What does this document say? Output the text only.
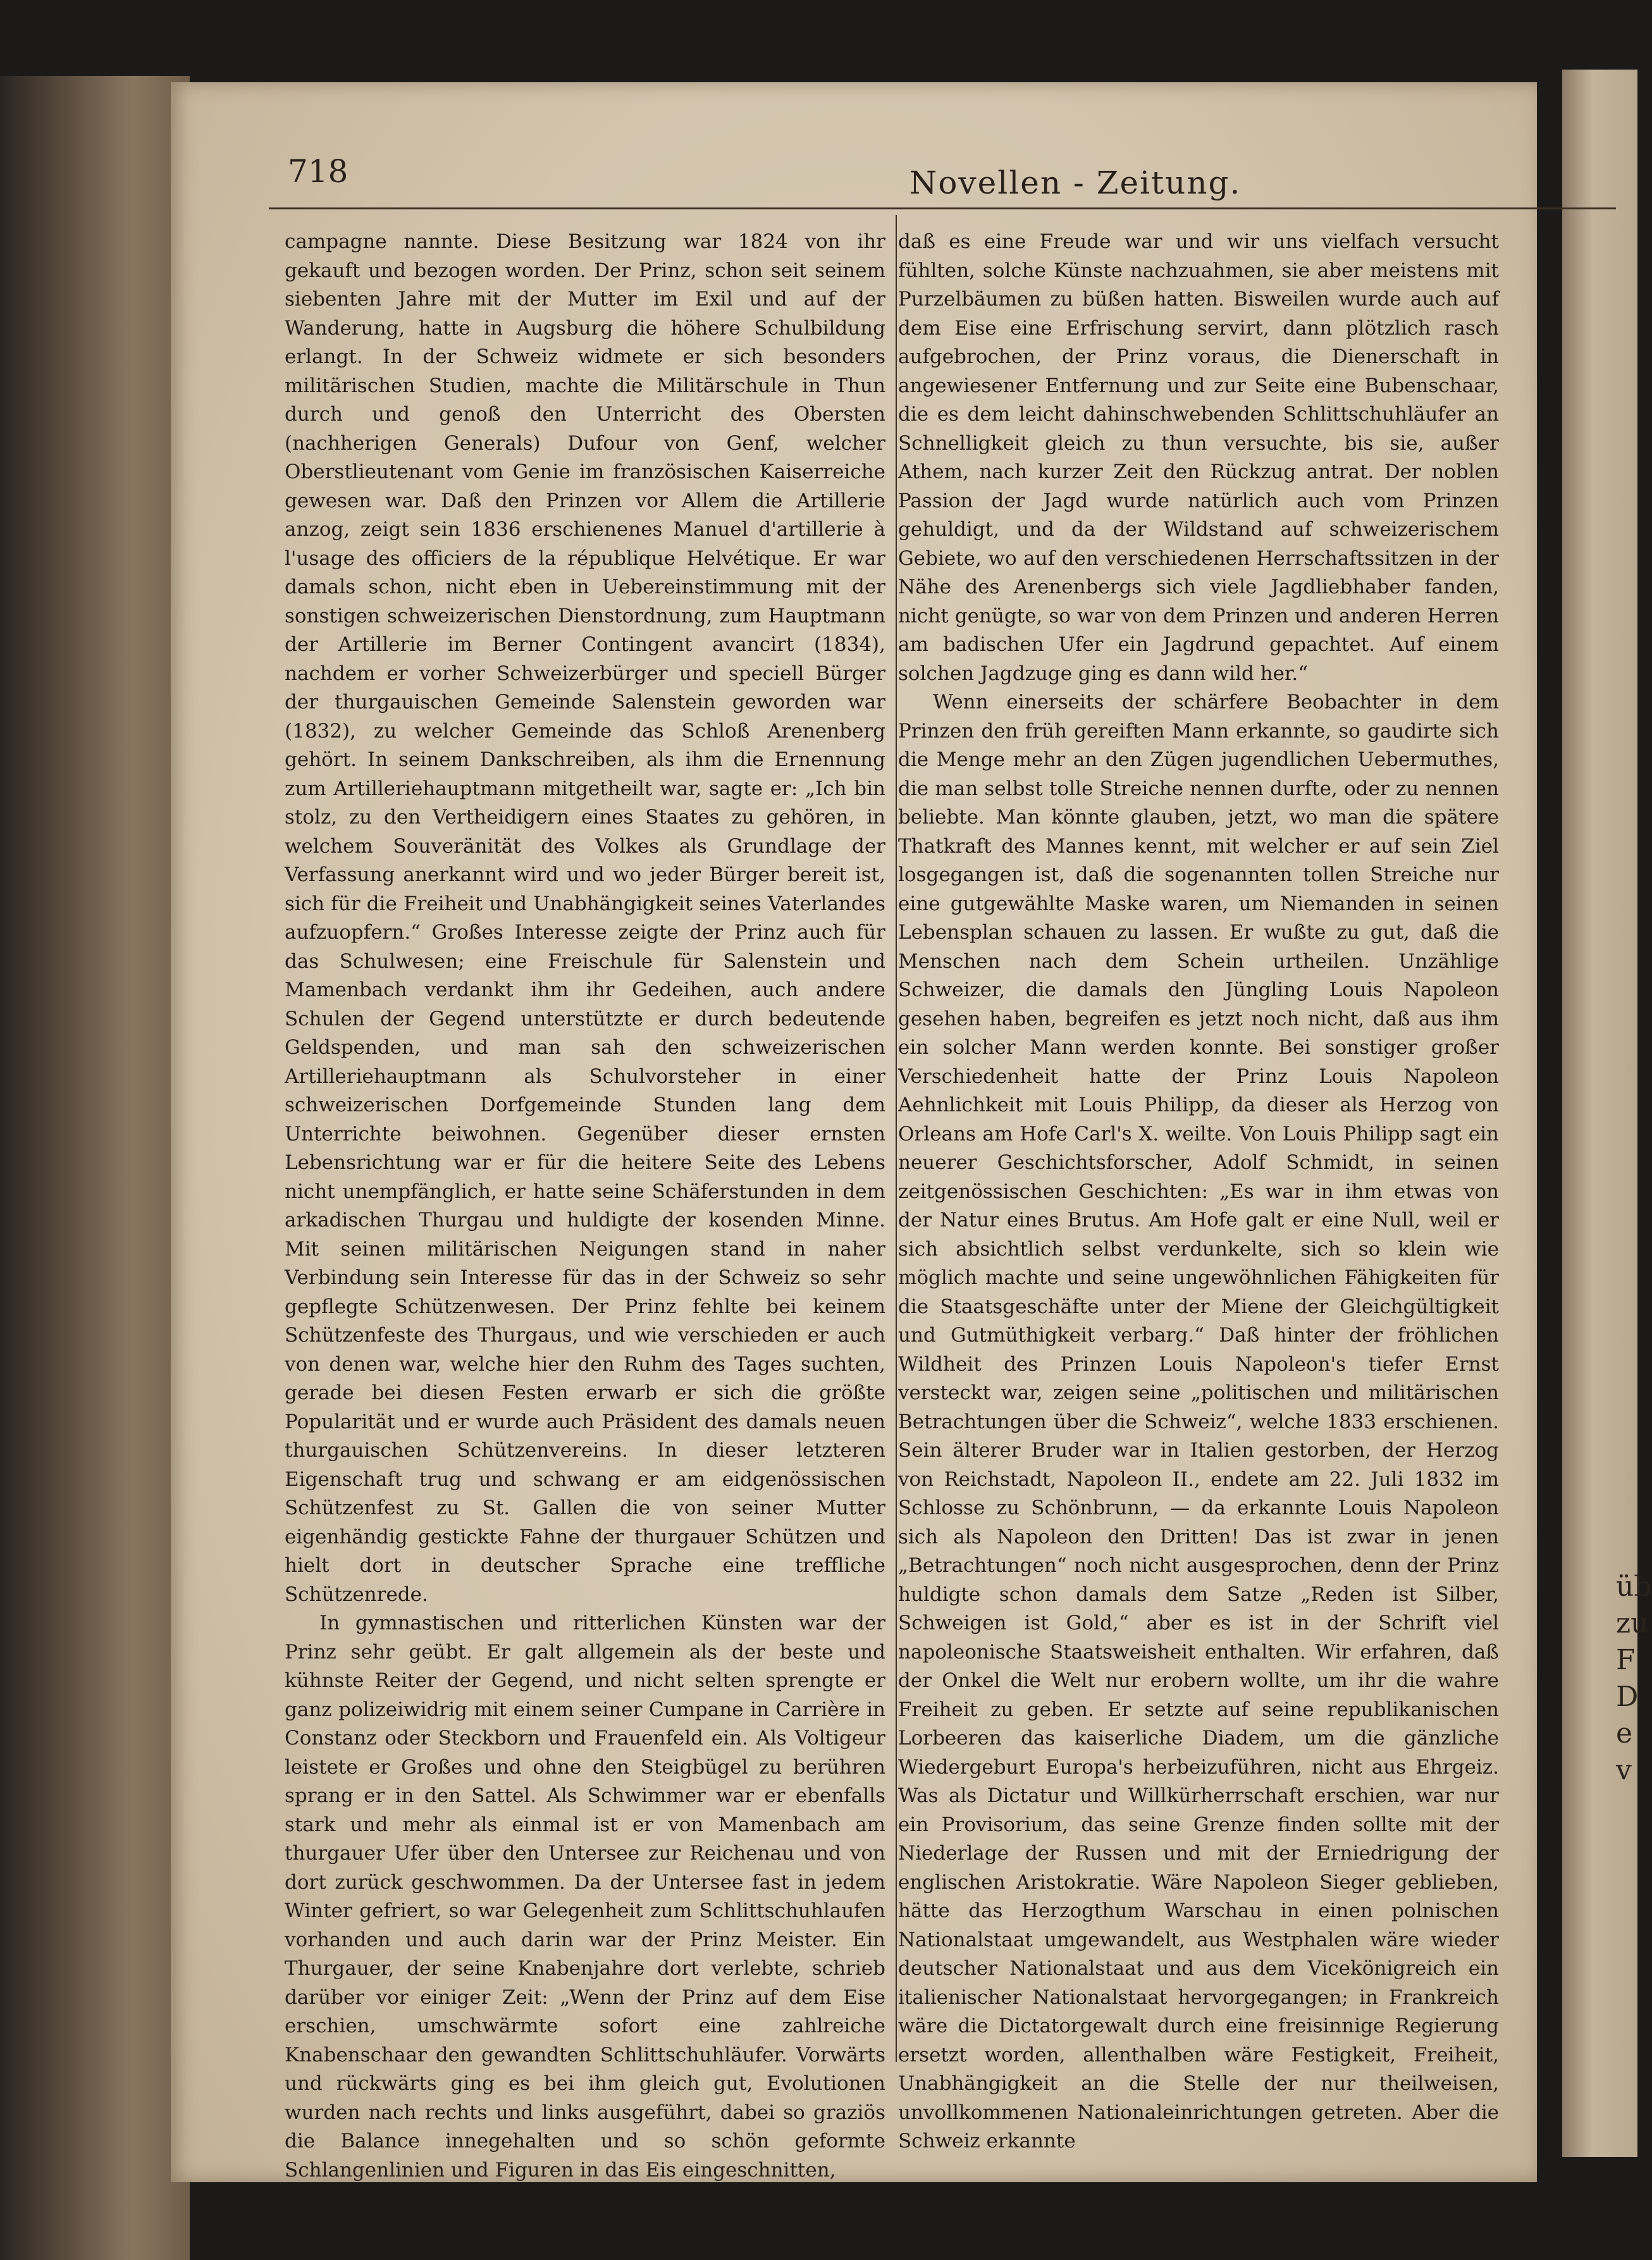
üb zu F D e v
718	Novellen - Zeitung.

campagne nannte. Diese Besitzung war 1824 von ihr gekauft und bezogen worden. Der Prinz, schon seit seinem siebenten Jahre mit der Mutter im Exil und auf der Wanderung, hatte in Augsburg die höhere Schulbildung erlangt. In der Schweiz widmete er sich besonders militärischen Studien, machte die Militärschule in Thun durch und genoß den Unterricht des Obersten (nachherigen Generals) Dufour von Genf, welcher Oberstlieutenant vom Genie im französischen Kaiserreiche gewesen war. Daß den Prinzen vor Allem die Artillerie anzog, zeigt sein 1836 erschienenes Manuel d'artillerie à l'usage des officiers de la république Helvétique. Er war damals schon, nicht eben in Uebereinstimmung mit der sonstigen schweizerischen Dienstordnung, zum Hauptmann der Artillerie im Berner Contingent avancirt (1834), nachdem er vorher Schweizerbürger und speciell Bürger der thurgauischen Gemeinde Salenstein geworden war (1832), zu welcher Gemeinde das Schloß Arenenberg gehört. In seinem Dankschreiben, als ihm die Ernennung zum Artilleriehauptmann mitgetheilt war, sagte er: „Ich bin stolz, zu den Vertheidigern eines Staates zu gehören, in welchem Souveränität des Volkes als Grundlage der Verfassung anerkannt wird und wo jeder Bürger bereit ist, sich für die Freiheit und Unabhängigkeit seines Vaterlandes aufzuopfern.“ Großes Interesse zeigte der Prinz auch für das Schulwesen; eine Freischule für Salenstein und Mamenbach verdankt ihm ihr Gedeihen, auch andere Schulen der Gegend unterstützte er durch bedeutende Geldspenden, und man sah den schweizerischen Artilleriehauptmann als Schulvorsteher in einer schweizerischen Dorfgemeinde Stunden lang dem Unterrichte beiwohnen. Gegenüber dieser ernsten Lebensrichtung war er für die heitere Seite des Lebens nicht unempfänglich, er hatte seine Schäferstunden in dem arkadischen Thurgau und huldigte der kosenden Minne. Mit seinen militärischen Neigungen stand in naher Verbindung sein Interesse für das in der Schweiz so sehr gepflegte Schützenwesen. Der Prinz fehlte bei keinem Schützenfeste des Thurgaus, und wie verschieden er auch von denen war, welche hier den Ruhm des Tages suchten, gerade bei diesen Festen erwarb er sich die größte Popularität und er wurde auch Präsident des damals neuen thurgauischen Schützenvereins. In dieser letzteren Eigenschaft trug und schwang er am eidgenössischen Schützenfest zu St. Gallen die von seiner Mutter eigenhändig gestickte Fahne der thurgauer Schützen und hielt dort in deutscher Sprache eine treffliche Schützenrede.

In gymnastischen und ritterlichen Künsten war der Prinz sehr geübt. Er galt allgemein als der beste und kühnste Reiter der Gegend, und nicht selten sprengte er ganz polizeiwidrig mit einem seiner Cumpane in Carrière in Constanz oder Steckborn und Frauenfeld ein. Als Voltigeur leistete er Großes und ohne den Steigbügel zu berühren sprang er in den Sattel. Als Schwimmer war er ebenfalls stark und mehr als einmal ist er von Mamenbach am thurgauer Ufer über den Untersee zur Reichenau und von dort zurück geschwommen. Da der Untersee fast in jedem Winter gefriert, so war Gelegenheit zum Schlittschuhlaufen vorhanden und auch darin war der Prinz Meister. Ein Thurgauer, der seine Knabenjahre dort verlebte, schrieb darüber vor einiger Zeit: „Wenn der Prinz auf dem Eise erschien, umschwärmte sofort eine zahlreiche Knabenschaar den gewandten Schlittschuhläufer. Vorwärts und rückwärts ging es bei ihm gleich gut, Evolutionen wurden nach rechts und links ausgeführt, dabei so graziös die Balance innegehalten und so schön geformte Schlangenlinien und Figuren in das Eis eingeschnitten,

daß es eine Freude war und wir uns vielfach versucht fühlten, solche Künste nachzuahmen, sie aber meistens mit Purzelbäumen zu büßen hatten. Bisweilen wurde auch auf dem Eise eine Erfrischung servirt, dann plötzlich rasch aufgebrochen, der Prinz voraus, die Dienerschaft in angewiesener Entfernung und zur Seite eine Bubenschaar, die es dem leicht dahinschwebenden Schlittschuhläufer an Schnelligkeit gleich zu thun versuchte, bis sie, außer Athem, nach kurzer Zeit den Rückzug antrat. Der noblen Passion der Jagd wurde natürlich auch vom Prinzen gehuldigt, und da der Wildstand auf schweizerischem Gebiete, wo auf den verschiedenen Herrschaftssitzen in der Nähe des Arenenbergs sich viele Jagdliebhaber fanden, nicht genügte, so war von dem Prinzen und anderen Herren am badischen Ufer ein Jagdrund gepachtet. Auf einem solchen Jagdzuge ging es dann wild her.“

Wenn einerseits der schärfere Beobachter in dem Prinzen den früh gereiften Mann erkannte, so gaudirte sich die Menge mehr an den Zügen jugendlichen Uebermuthes, die man selbst tolle Streiche nennen durfte, oder zu nennen beliebte. Man könnte glauben, jetzt, wo man die spätere Thatkraft des Mannes kennt, mit welcher er auf sein Ziel losgegangen ist, daß die sogenannten tollen Streiche nur eine gutgewählte Maske waren, um Niemanden in seinen Lebensplan schauen zu lassen. Er wußte zu gut, daß die Menschen nach dem Schein urtheilen. Unzählige Schweizer, die damals den Jüngling Louis Napoleon gesehen haben, begreifen es jetzt noch nicht, daß aus ihm ein solcher Mann werden konnte. Bei sonstiger großer Verschiedenheit hatte der Prinz Louis Napoleon Aehnlichkeit mit Louis Philipp, da dieser als Herzog von Orleans am Hofe Carl's X. weilte. Von Louis Philipp sagt ein neuerer Geschichtsforscher, Adolf Schmidt, in seinen zeitgenössischen Geschichten: „Es war in ihm etwas von der Natur eines Brutus. Am Hofe galt er eine Null, weil er sich absichtlich selbst verdunkelte, sich so klein wie möglich machte und seine ungewöhnlichen Fähigkeiten für die Staatsgeschäfte unter der Miene der Gleichgültigkeit und Gutmüthigkeit verbarg.“ Daß hinter der fröhlichen Wildheit des Prinzen Louis Napoleon's tiefer Ernst versteckt war, zeigen seine „politischen und militärischen Betrachtungen über die Schweiz“, welche 1833 erschienen. Sein älterer Bruder war in Italien gestorben, der Herzog von Reichstadt, Napoleon II., endete am 22. Juli 1832 im Schlosse zu Schönbrunn, — da erkannte Louis Napoleon sich als Napoleon den Dritten! Das ist zwar in jenen „Betrachtungen“ noch nicht ausgesprochen, denn der Prinz huldigte schon damals dem Satze „Reden ist Silber, Schweigen ist Gold,“ aber es ist in der Schrift viel napoleonische Staatsweisheit enthalten. Wir erfahren, daß der Onkel die Welt nur erobern wollte, um ihr die wahre Freiheit zu geben. Er setzte auf seine republikanischen Lorbeeren das kaiserliche Diadem, um die gänzliche Wiedergeburt Europa's herbeizuführen, nicht aus Ehrgeiz. Was als Dictatur und Willkürherrschaft erschien, war nur ein Provisorium, das seine Grenze finden sollte mit der Niederlage der Russen und mit der Erniedrigung der englischen Aristokratie. Wäre Napoleon Sieger geblieben, hätte das Herzogthum Warschau in einen polnischen Nationalstaat umgewandelt, aus Westphalen wäre wieder deutscher Nationalstaat und aus dem Vicekönigreich ein italienischer Nationalstaat hervorgegangen; in Frankreich wäre die Dictatorgewalt durch eine freisinnige Regierung ersetzt worden, allenthalben wäre Festigkeit, Freiheit, Unabhängigkeit an die Stelle der nur theilweisen, unvollkommenen Nationaleinrichtungen getreten. Aber die Schweiz erkannte
